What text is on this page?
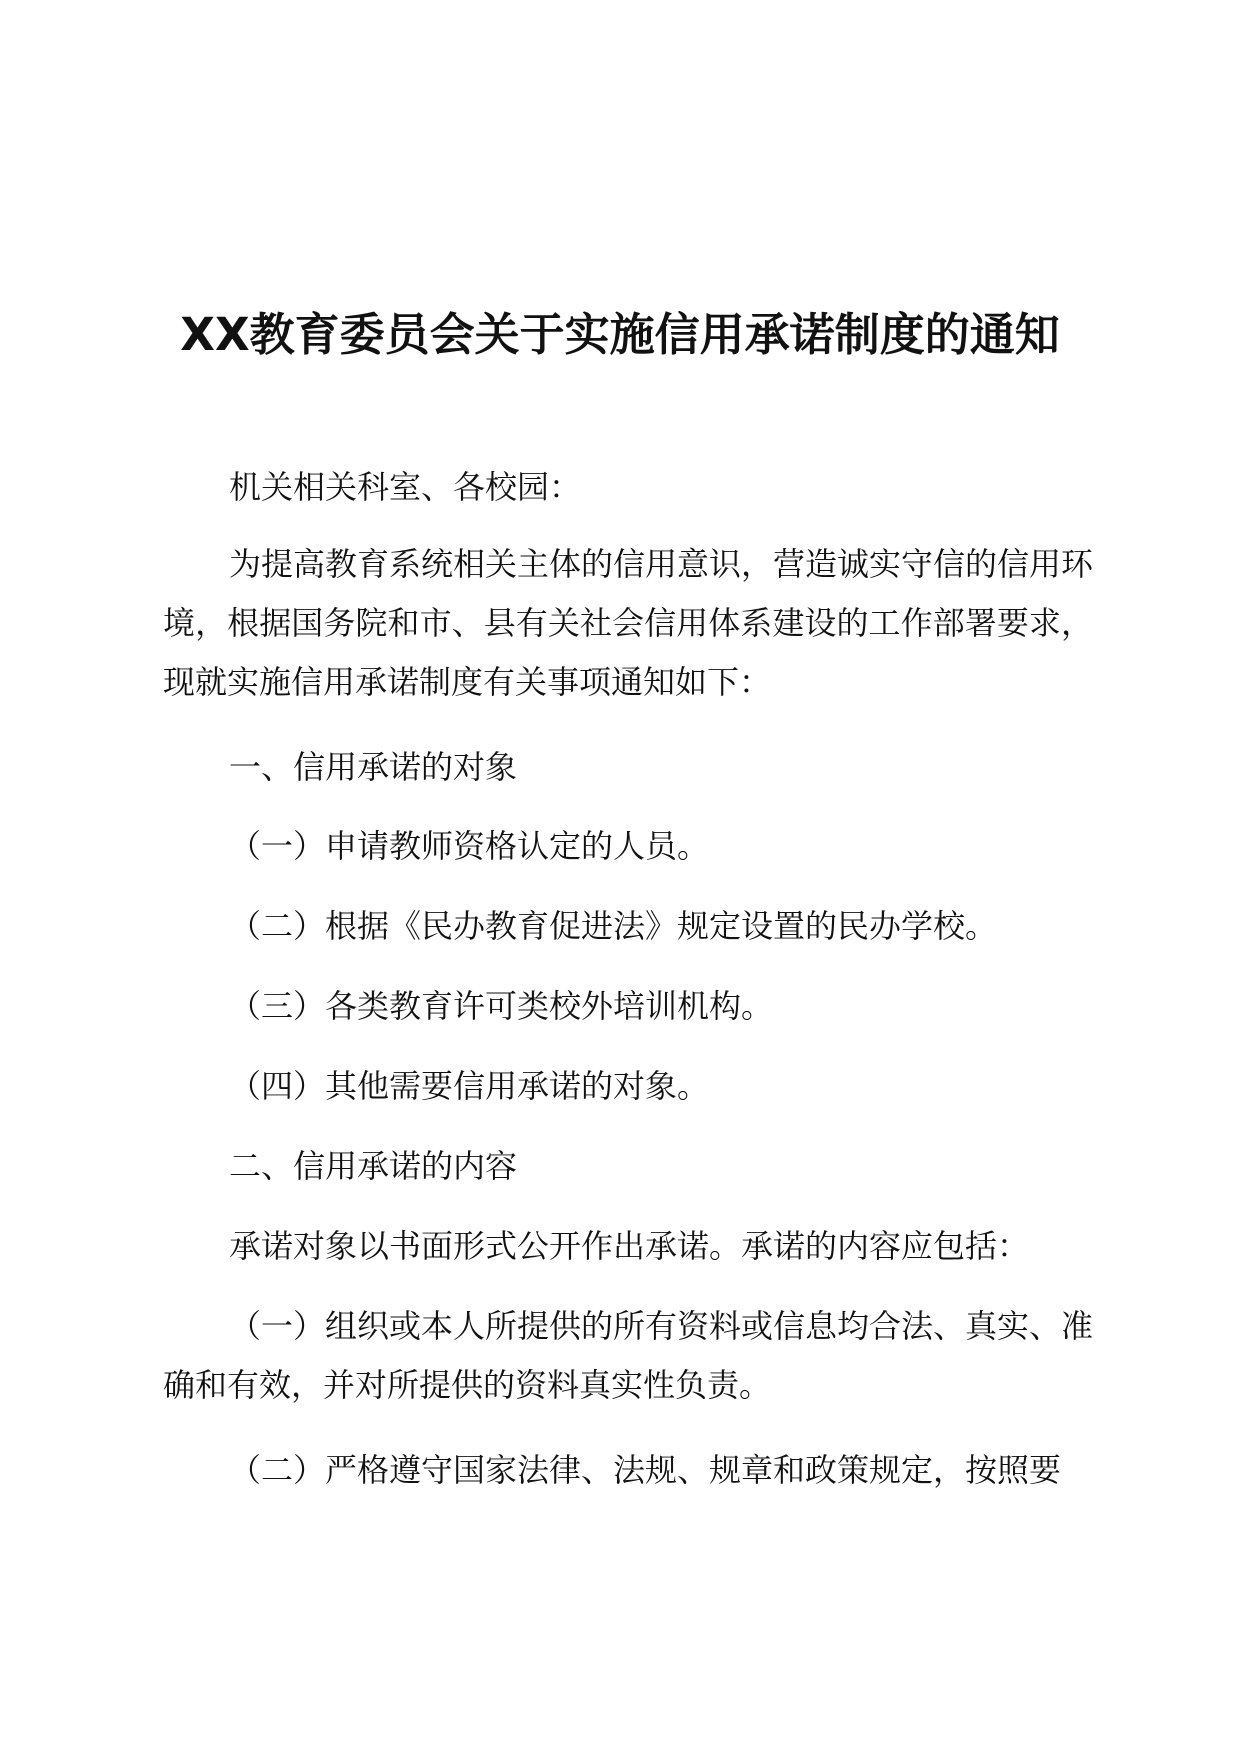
XX教育委员会关于实施信用承诺制度的通知

机关相关科室、各校园：

为提高教育系统相关主体的信用意识，营造诚实守信的信用环境，根据国务院和市、县有关社会信用体系建设的工作部署要求，现就实施信用承诺制度有关事项通知如下：

一、信用承诺的对象

（一）申请教师资格认定的人员。

（二）根据《民办教育促进法》规定设置的民办学校。

（三）各类教育许可类校外培训机构。

（四）其他需要信用承诺的对象。

二、信用承诺的内容

承诺对象以书面形式公开作出承诺。承诺的内容应包括：

（一）组织或本人所提供的所有资料或信息均合法、真实、准确和有效，并对所提供的资料真实性负责。

（二）严格遵守国家法律、法规、规章和政策规定，按照要
